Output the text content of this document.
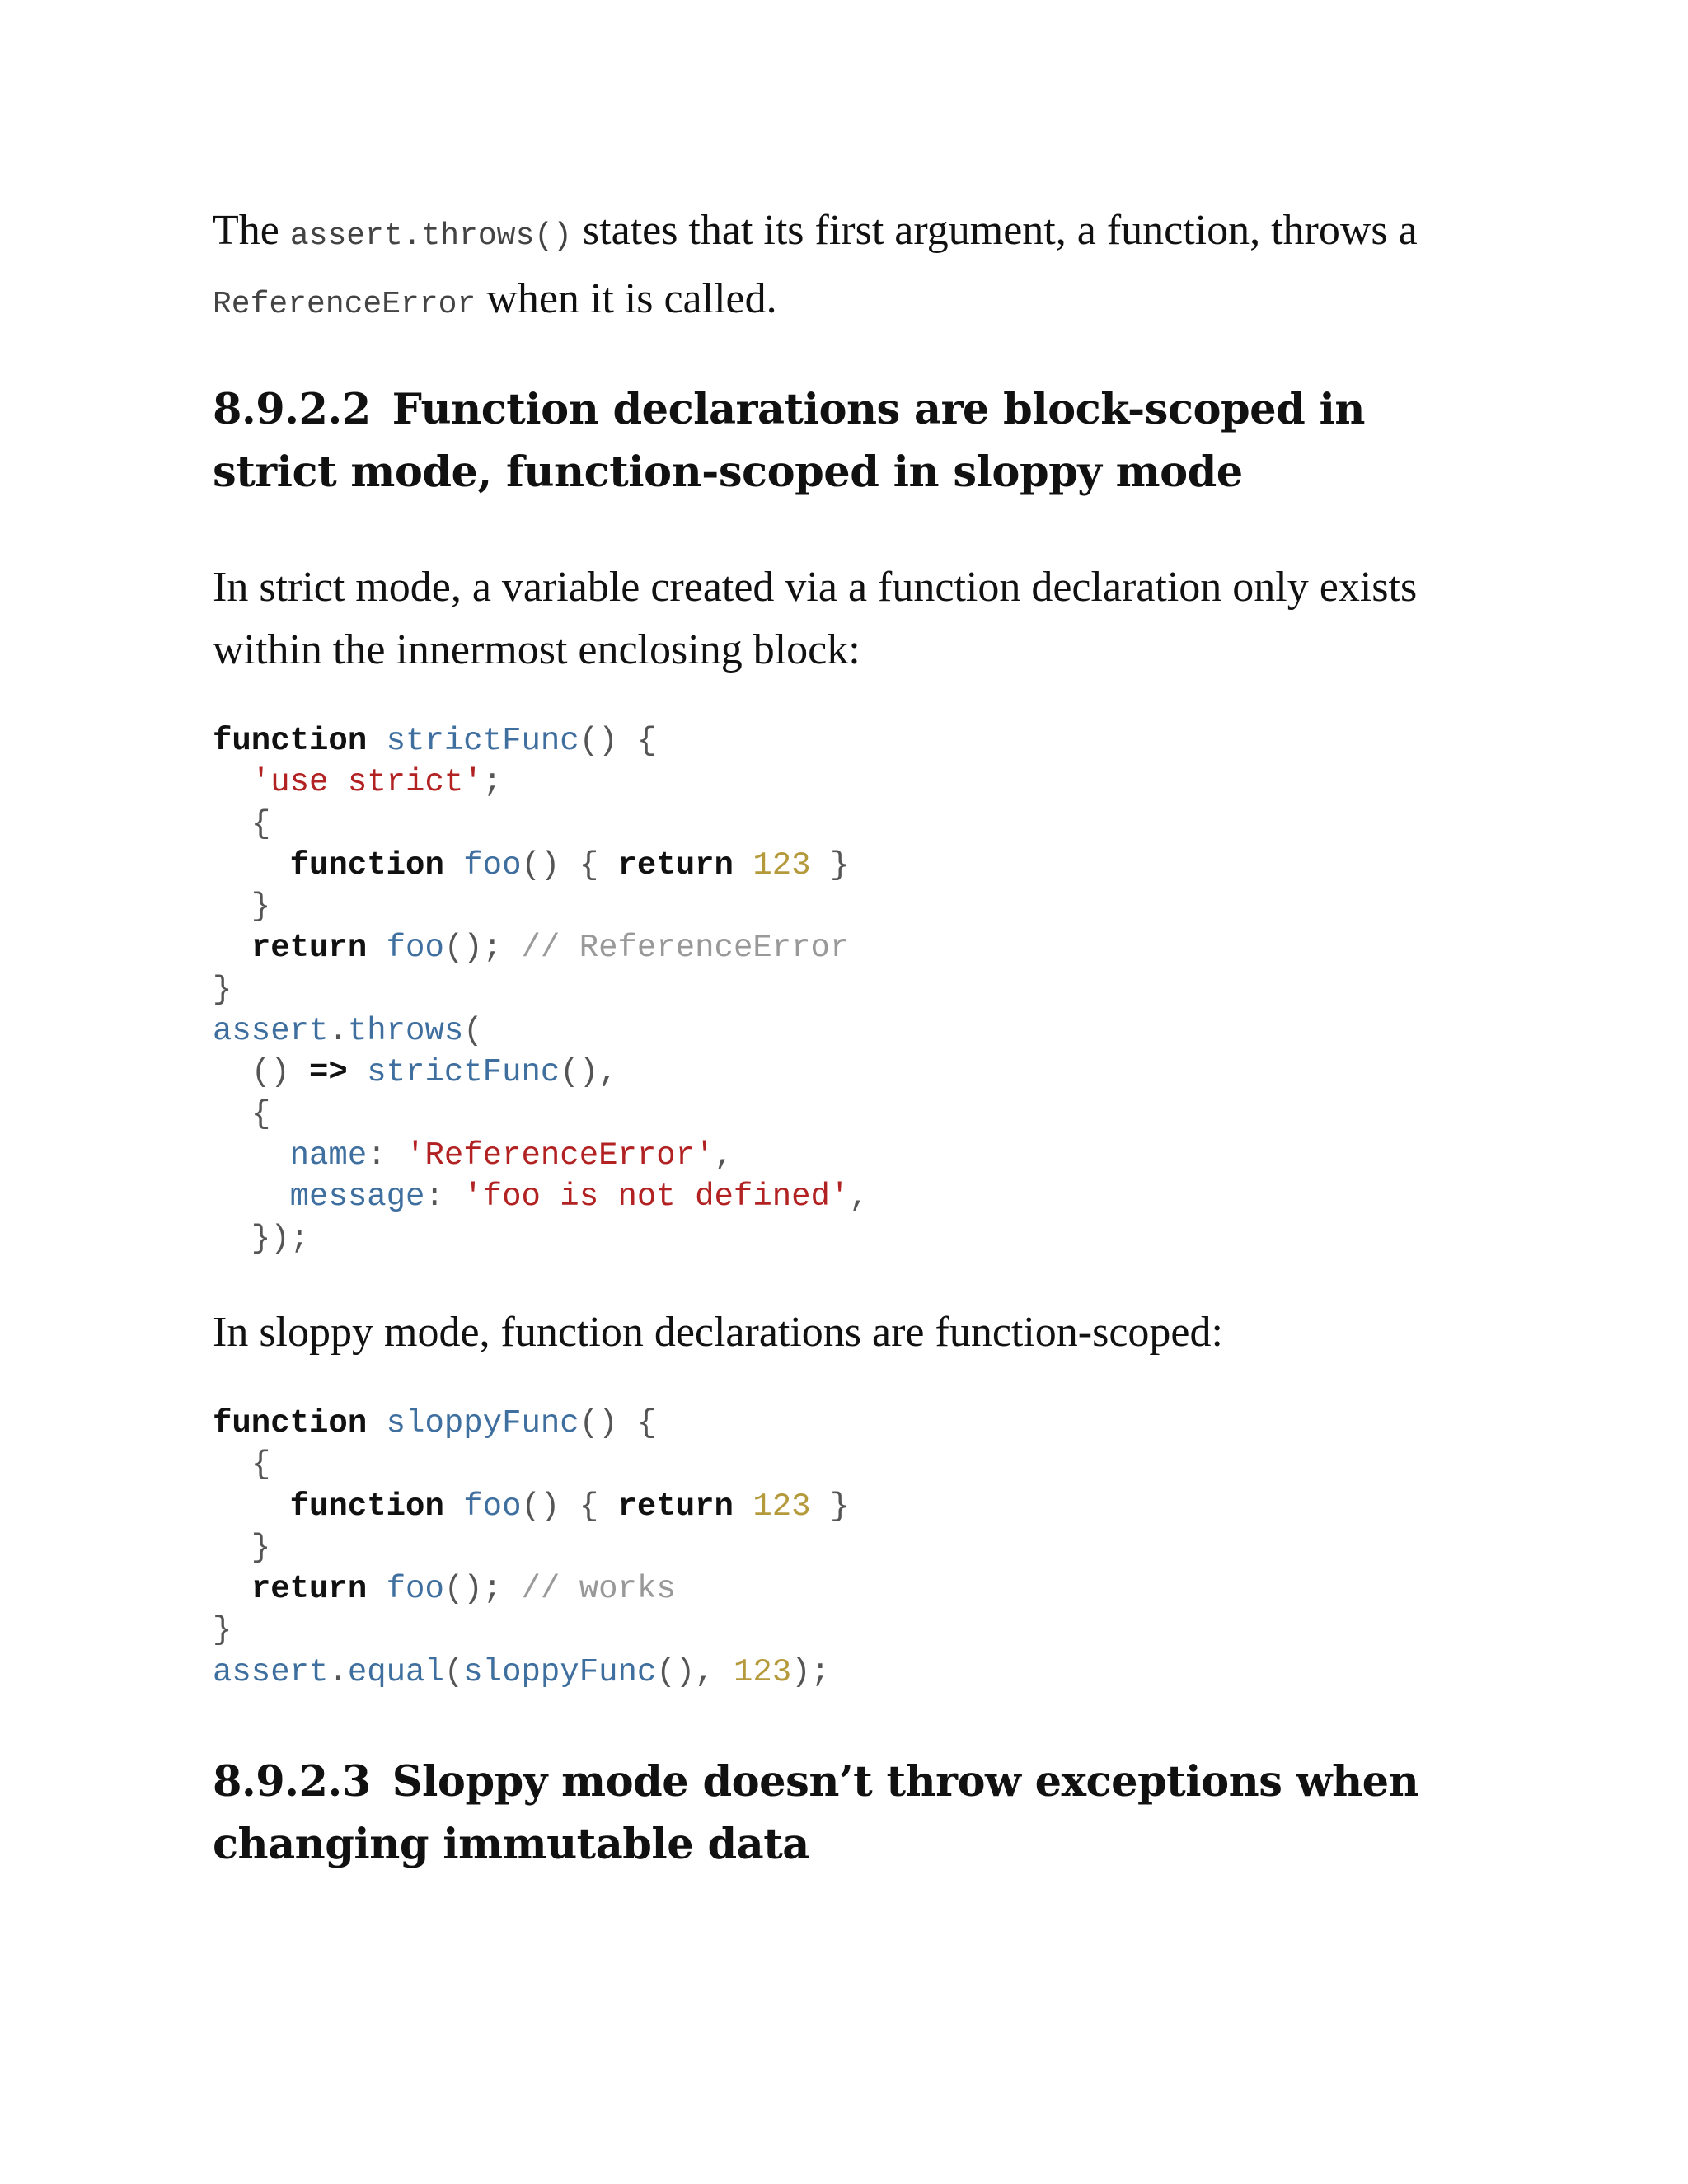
The assert.throws() states that its first argument, a function, throws a ReferenceError when it is called.

8.9.2.2 Function declarations are block-scoped in strict mode, function-scoped in sloppy mode

In strict mode, a variable created via a function declaration only exists within the innermost enclosing block:

function strictFunc() {
'use strict';
{
function foo() { return 123 }
}
return foo(); // ReferenceError
}
assert.throws(
() => strictFunc(),
{
name: 'ReferenceError',
message: 'foo is not defined',
});

In sloppy mode, function declarations are function-scoped:

function sloppyFunc() {
{
function foo() { return 123 }
}
return foo(); // works
}
assert.equal(sloppyFunc(), 123);
8.9.2.3 Sloppy mode doesn’t throw exceptions when changing immutable data
